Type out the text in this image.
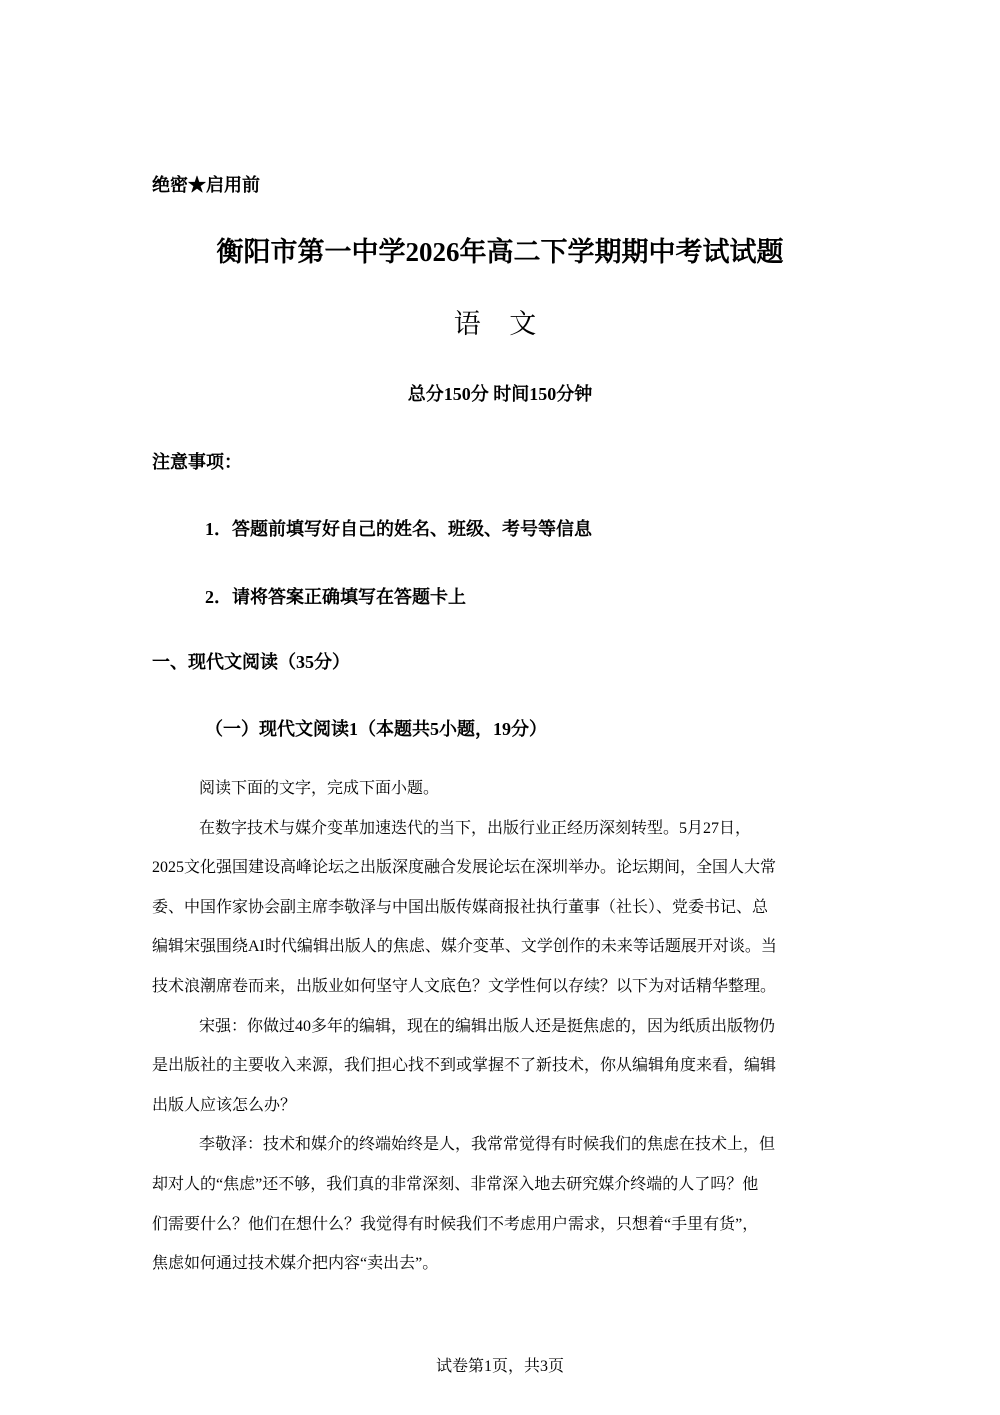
绝密★启用前
衡阳市第一中学2026年高二下学期期中考试试题
语 文
总分150分 时间150分钟
注意事项：
1．答题前填写好自己的姓名、班级、考号等信息
2．请将答案正确填写在答题卡上
一、现代文阅读（35分）
（一）现代文阅读1（本题共5小题，19分）

阅读下面的文字，完成下面小题。

在数字技术与媒介变革加速迭代的当下，出版行业正经历深刻转型。5月27日，

2025文化强国建设高峰论坛之出版深度融合发展论坛在深圳举办。论坛期间，全国人大常

委、中国作家协会副主席李敬泽与中国出版传媒商报社执行董事（社长）、党委书记、总

编辑宋强围绕AI时代编辑出版人的焦虑、媒介变革、文学创作的未来等话题展开对谈。当

技术浪潮席卷而来，出版业如何坚守人文底色？文学性何以存续？以下为对话精华整理。

宋强：你做过40多年的编辑，现在的编辑出版人还是挺焦虑的，因为纸质出版物仍

是出版社的主要收入来源，我们担心找不到或掌握不了新技术，你从编辑角度来看，编辑

出版人应该怎么办？

李敬泽：技术和媒介的终端始终是人，我常常觉得有时候我们的焦虑在技术上，但

却对人的“焦虑”还不够，我们真的非常深刻、非常深入地去研究媒介终端的人了吗？他

们需要什么？他们在想什么？我觉得有时候我们不考虑用户需求，只想着“手里有货”，

焦虑如何通过技术媒介把内容“卖出去”。

试卷第1页，共3页
